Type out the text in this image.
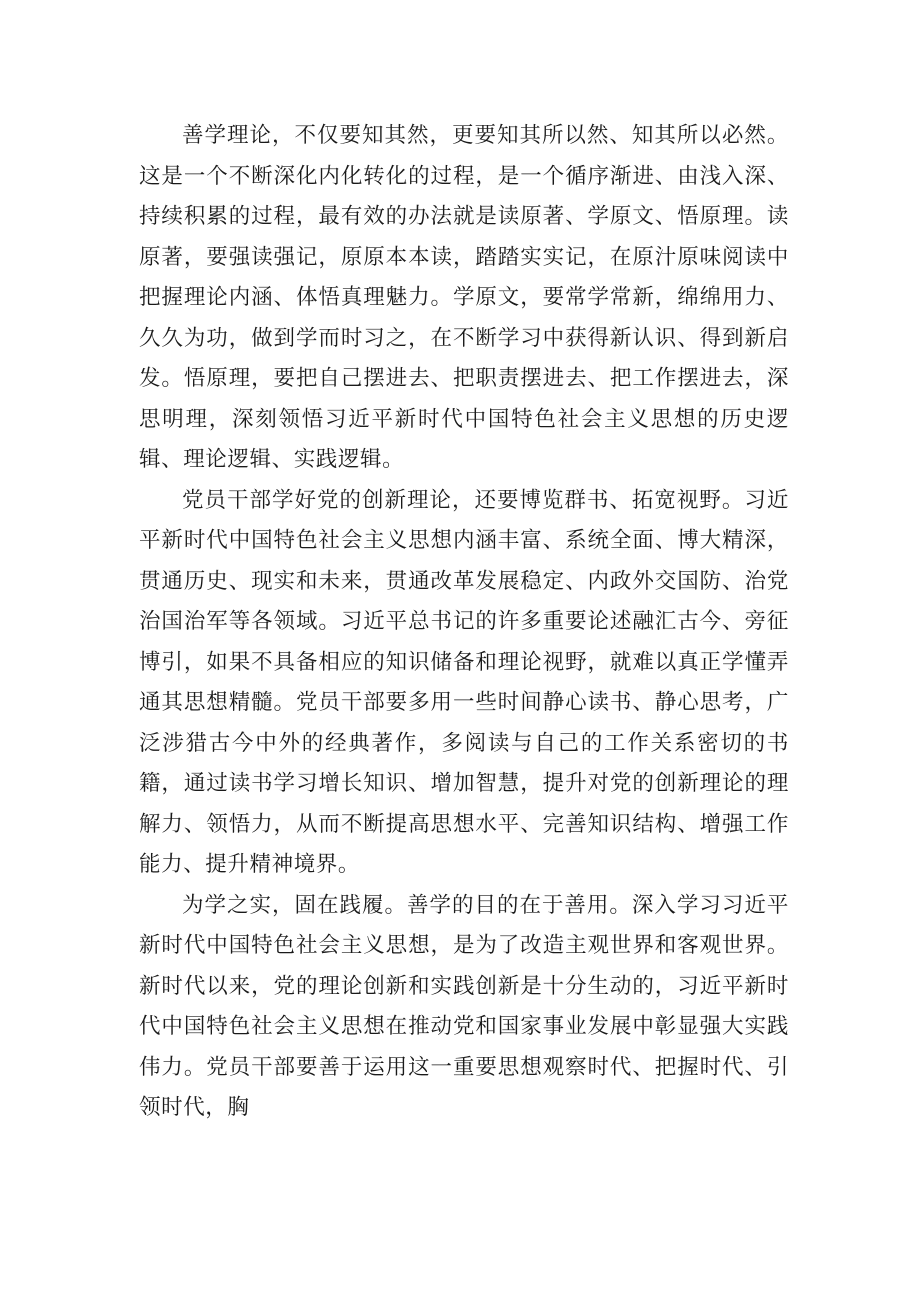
善学理论，不仅要知其然，更要知其所以然、知其所以必然。这是一个不断深化内化转化的过程，是一个循序渐进、由浅入深、持续积累的过程，最有效的办法就是读原著、学原文、悟原理。读原著，要强读强记，原原本本读，踏踏实实记，在原汁原味阅读中把握理论内涵、体悟真理魅力。学原文，要常学常新，绵绵用力、久久为功，做到学而时习之，在不断学习中获得新认识、得到新启发。悟原理，要把自己摆进去、把职责摆进去、把工作摆进去，深思明理，深刻领悟习近平新时代中国特色社会主义思想的历史逻辑、理论逻辑、实践逻辑。

党员干部学好党的创新理论，还要博览群书、拓宽视野。习近平新时代中国特色社会主义思想内涵丰富、系统全面、博大精深，贯通历史、现实和未来，贯通改革发展稳定、内政外交国防、治党治国治军等各领域。习近平总书记的许多重要论述融汇古今、旁征博引，如果不具备相应的知识储备和理论视野，就难以真正学懂弄通其思想精髓。党员干部要多用一些时间静心读书、静心思考，广泛涉猎古今中外的经典著作，多阅读与自己的工作关系密切的书籍，通过读书学习增长知识、增加智慧，提升对党的创新理论的理解力、领悟力，从而不断提高思想水平、完善知识结构、增强工作能力、提升精神境界。

为学之实，固在践履。善学的目的在于善用。深入学习习近平新时代中国特色社会主义思想，是为了改造主观世界和客观世界。新时代以来，党的理论创新和实践创新是十分生动的，习近平新时代中国特色社会主义思想在推动党和国家事业发展中彰显强大实践伟力。党员干部要善于运用这一重要思想观察时代、把握时代、引领时代，胸
